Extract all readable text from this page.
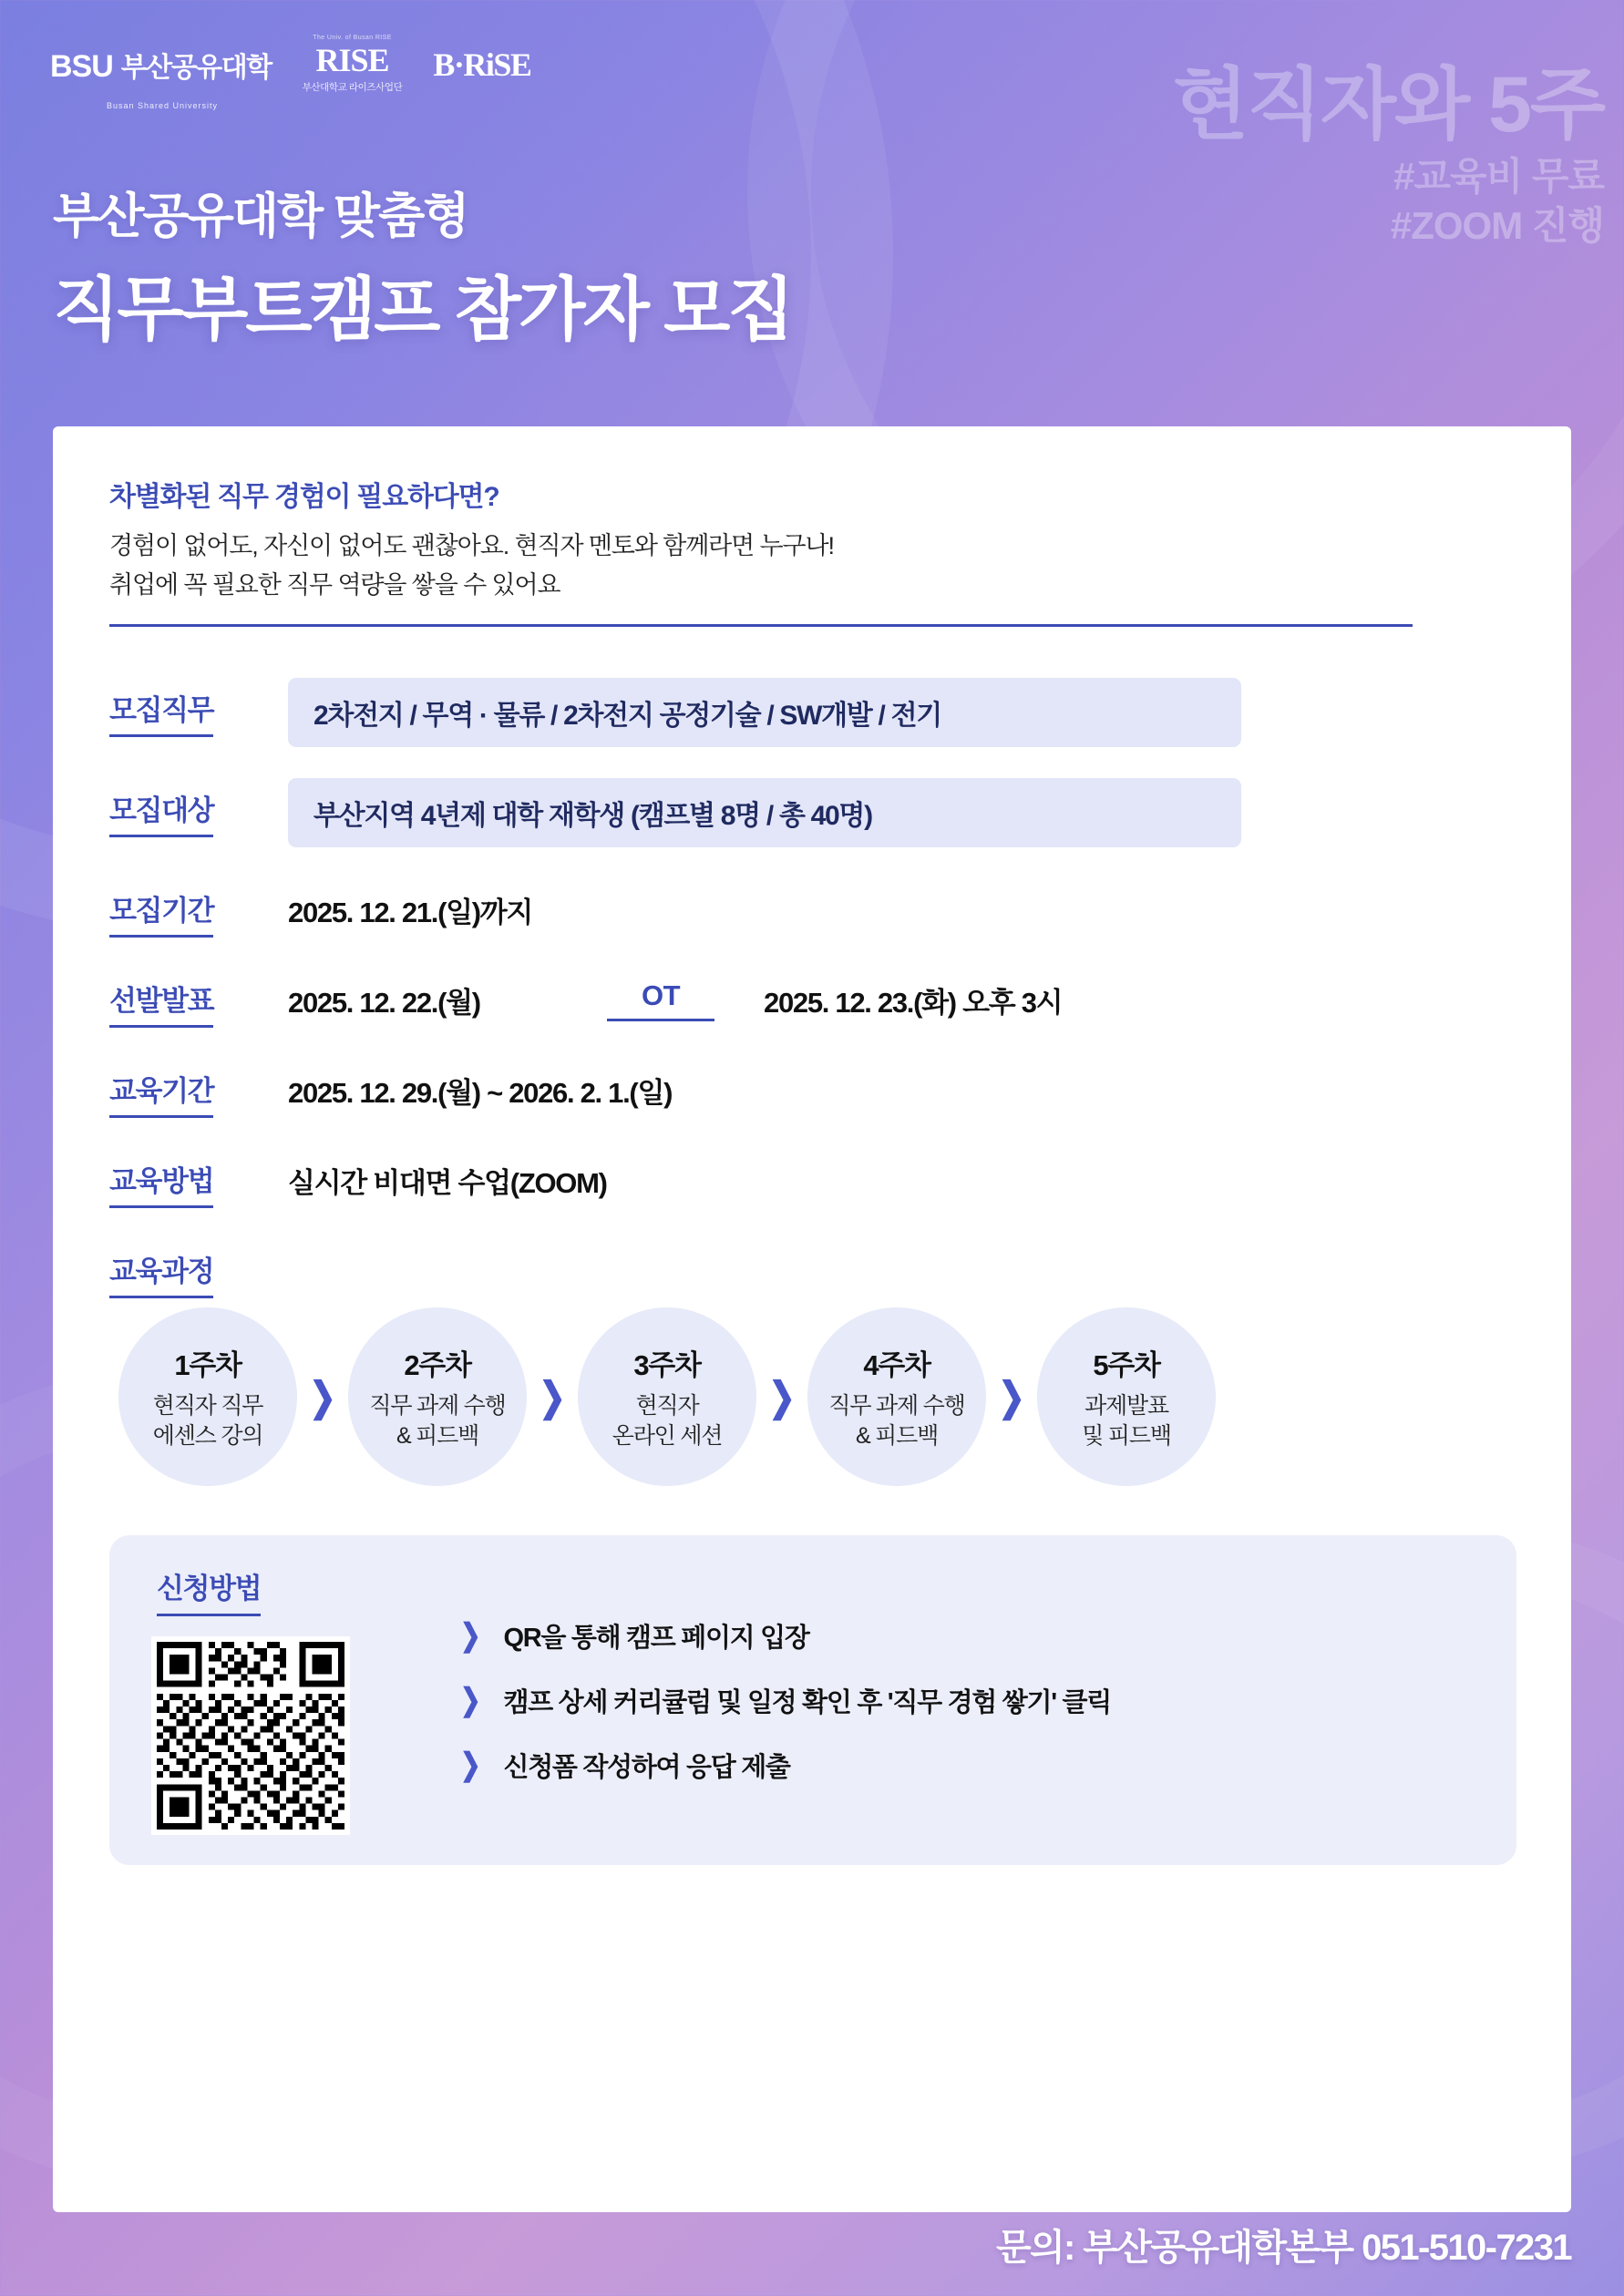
BSU 부산공유대학
Busan Shared University
The Univ. of Busan RISE
RISE
부산대학교 라이즈사업단
B·RiSE	현직자와 5주
#교육비 무료
#ZOOM 진행
부산공유대학 맞춤형
직무부트캠프 참가자 모집
차별화된 직무 경험이 필요하다면?
경험이 없어도, 자신이 없어도 괜찮아요. 현직자 멘토와 함께라면 누구나!
취업에 꼭 필요한 직무 역량을 쌓을 수 있어요
모집직무	2차전지 / 무역 · 물류 / 2차전지 공정기술 / SW개발 / 전기
모집대상	부산지역 4년제 대학 재학생 (캠프별 8명 / 총 40명)
모집기간	2025. 12. 21.(일)까지
선발발표	2025. 12. 22.(월)	OT	2025. 12. 23.(화) 오후 3시
교육기간	2025. 12. 29.(월) ~ 2026. 2. 1.(일)
교육방법	실시간 비대면 수업(ZOOM)
교육과정
1주차
현직자 직무
에센스 강의
❯
2주차
직무 과제 수행
& 피드백
❯
3주차
현직자
온라인 세션
❯
4주차
직무 과제 수행
& 피드백
❯
5주차
과제발표
및 피드백
신청방법
❯ QR을 통해 캠프 페이지 입장
❯ 캠프 상세 커리큘럼 및 일정 확인 후 '직무 경험 쌓기' 클릭
❯ 신청폼 작성하여 응답 제출
문의: 부산공유대학본부 051-510-7231
